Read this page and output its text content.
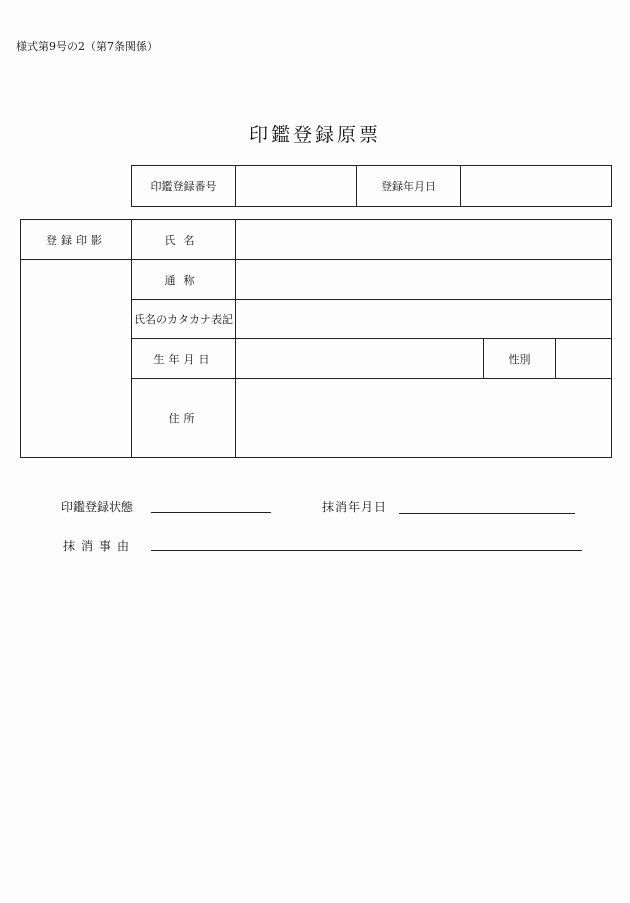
様式第9号の2（第7条関係）
印鑑登録原票
印鑑登録番号		登録年月日	
登録印影	氏名			
	通称			
	氏名のカタカナ表記			
	生年月日		性別	
	住所			
印鑑登録状態	抹消年月日
抹消事由
